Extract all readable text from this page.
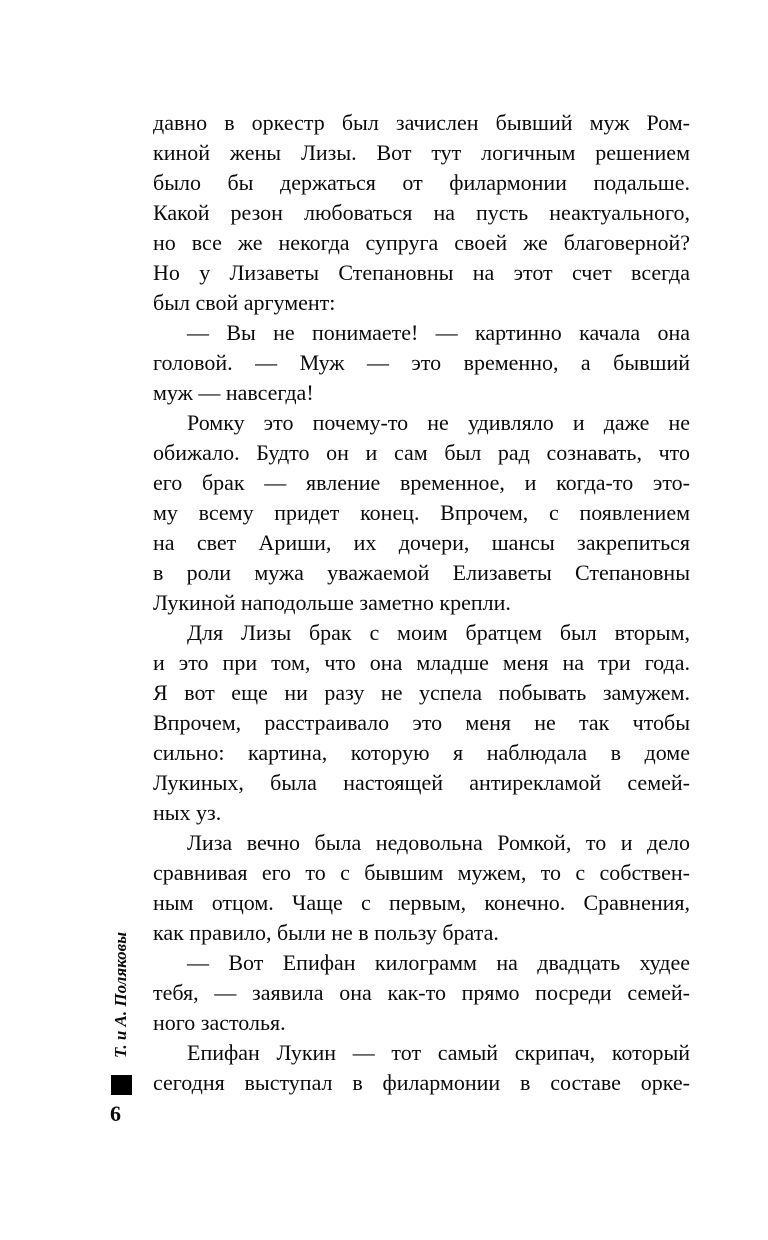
Т. и А. Поляковы
6
давно в оркестр был зачислен бывший муж Ром-
киной жены Лизы. Вот тут логичным решением
было бы держаться от филармонии подальше.
Какой резон любоваться на пусть неактуального,
но все же некогда супруга своей же благоверной?
Но у Лизаветы Степановны на этот счет всегда
был свой аргумент:
— Вы не понимаете! — картинно качала она
головой. — Муж — это временно, а бывший
муж — навсегда!
Ромку это почему-то не удивляло и даже не
обижало. Будто он и сам был рад сознавать, что
его брак — явление временное, и когда-то это-
му всему придет конец. Впрочем, с появлением
на свет Ариши, их дочери, шансы закрепиться
в роли мужа уважаемой Елизаветы Степановны
Лукиной наподольше заметно крепли.
Для Лизы брак с моим братцем был вторым,
и это при том, что она младше меня на три года.
Я вот еще ни разу не успела побывать замужем.
Впрочем, расстраивало это меня не так чтобы
сильно: картина, которую я наблюдала в доме
Лукиных, была настоящей антирекламой семей-
ных уз.
Лиза вечно была недовольна Ромкой, то и дело
сравнивая его то с бывшим мужем, то с собствен-
ным отцом. Чаще с первым, конечно. Сравнения,
как правило, были не в пользу брата.
— Вот Епифан килограмм на двадцать худее
тебя, — заявила она как-то прямо посреди семей-
ного застолья.
Епифан Лукин — тот самый скрипач, который
сегодня выступал в филармонии в составе орке-
